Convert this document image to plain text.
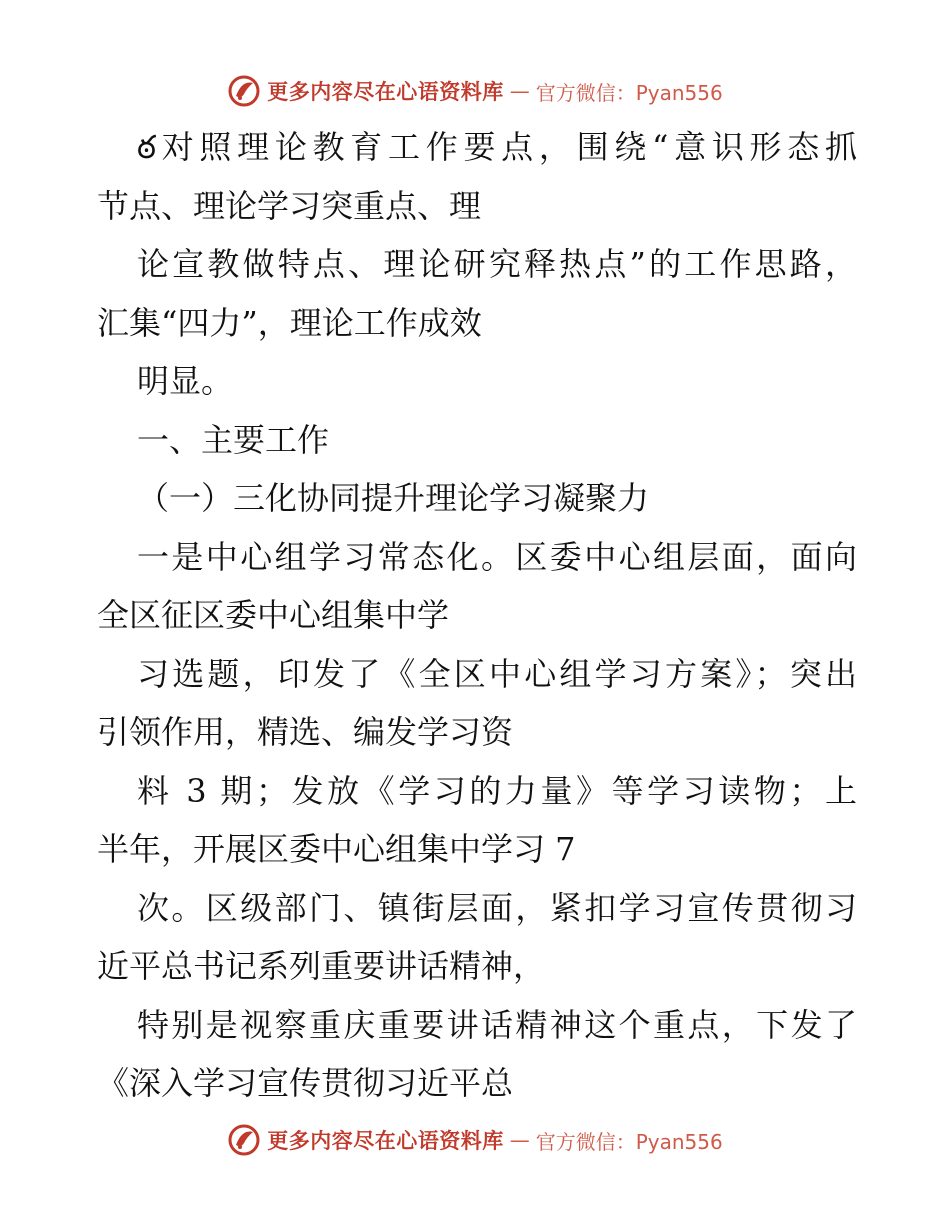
更多内容尽在心语资料库 — 官方微信：Pyan556
ఠ对照理论教育工作要点，围绕“意识形态抓
节点、理论学习突重点、理
论宣教做特点、理论研究释热点”的工作思路，
汇集“四力”，理论工作成效
明显。
一、主要工作
（一）三化协同提升理论学习凝聚力
一是中心组学习常态化。区委中心组层面，面向
全区征区委中心组集中学
习选题，印发了《全区中心组学习方案》；突出
引领作用，精选、编发学习资
料 3 期；发放《学习的力量》等学习读物；上
半年，开展区委中心组集中学习 7
次。区级部门、镇街层面，紧扣学习宣传贯彻习
近平总书记系列重要讲话精神，
特别是视察重庆重要讲话精神这个重点，下发了
《深入学习宣传贯彻习近平总
更多内容尽在心语资料库 — 官方微信：Pyan556
